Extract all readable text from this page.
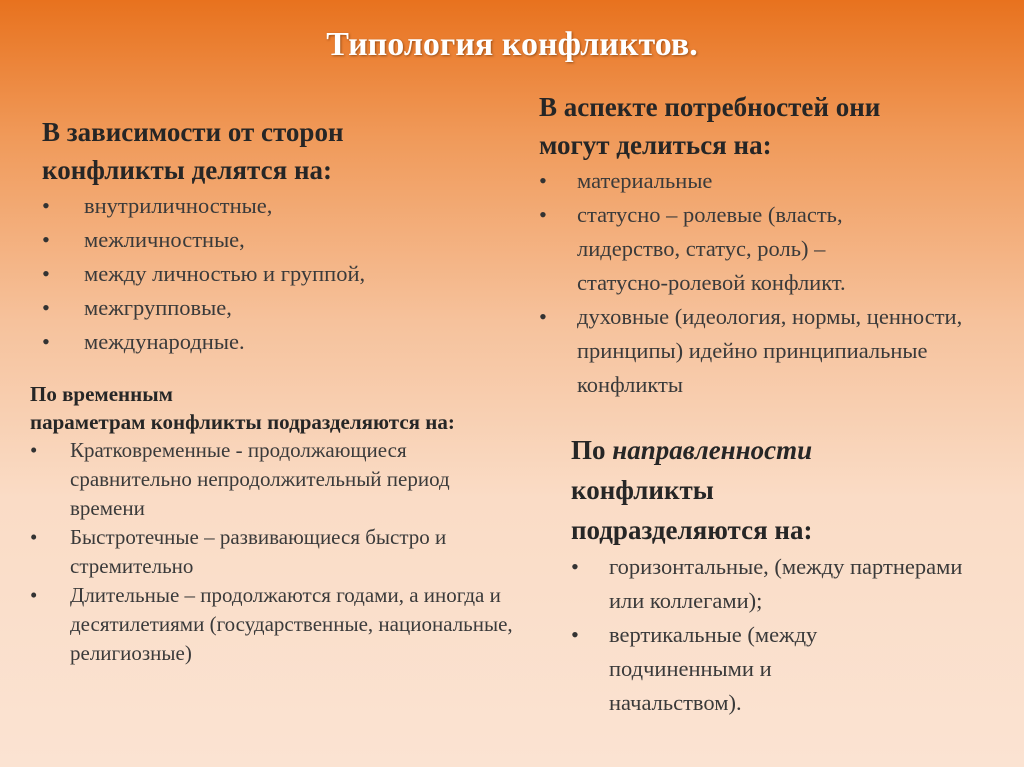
Типология конфликтов.
В зависимости от сторон
конфликты делятся на:
• внутриличностные,
• межличностные,
• между личностью и группой,
• межгрупповые,
• международные.
В аспекте потребностей они
могут делиться на:
• материальные
• статусно – ролевые (власть, лидерство, статус, роль) – статусно-ролевой конфликт.
• духовные (идеология, нормы, ценности, принципы) идейно принципиальные конфликты
По временным
параметрам конфликты подразделяются на:
• Кратковременные - продолжающиеся сравнительно непродолжительный период времени
• Быстротечные – развивающиеся быстро и стремительно
• Длительные – продолжаются годами, а иногда и десятилетиями (государственные, национальные, религиозные)
По направленности
конфликты
подразделяются на:
• горизонтальные, (между партнерами или коллегами);
• вертикальные (между подчиненными и начальством).
